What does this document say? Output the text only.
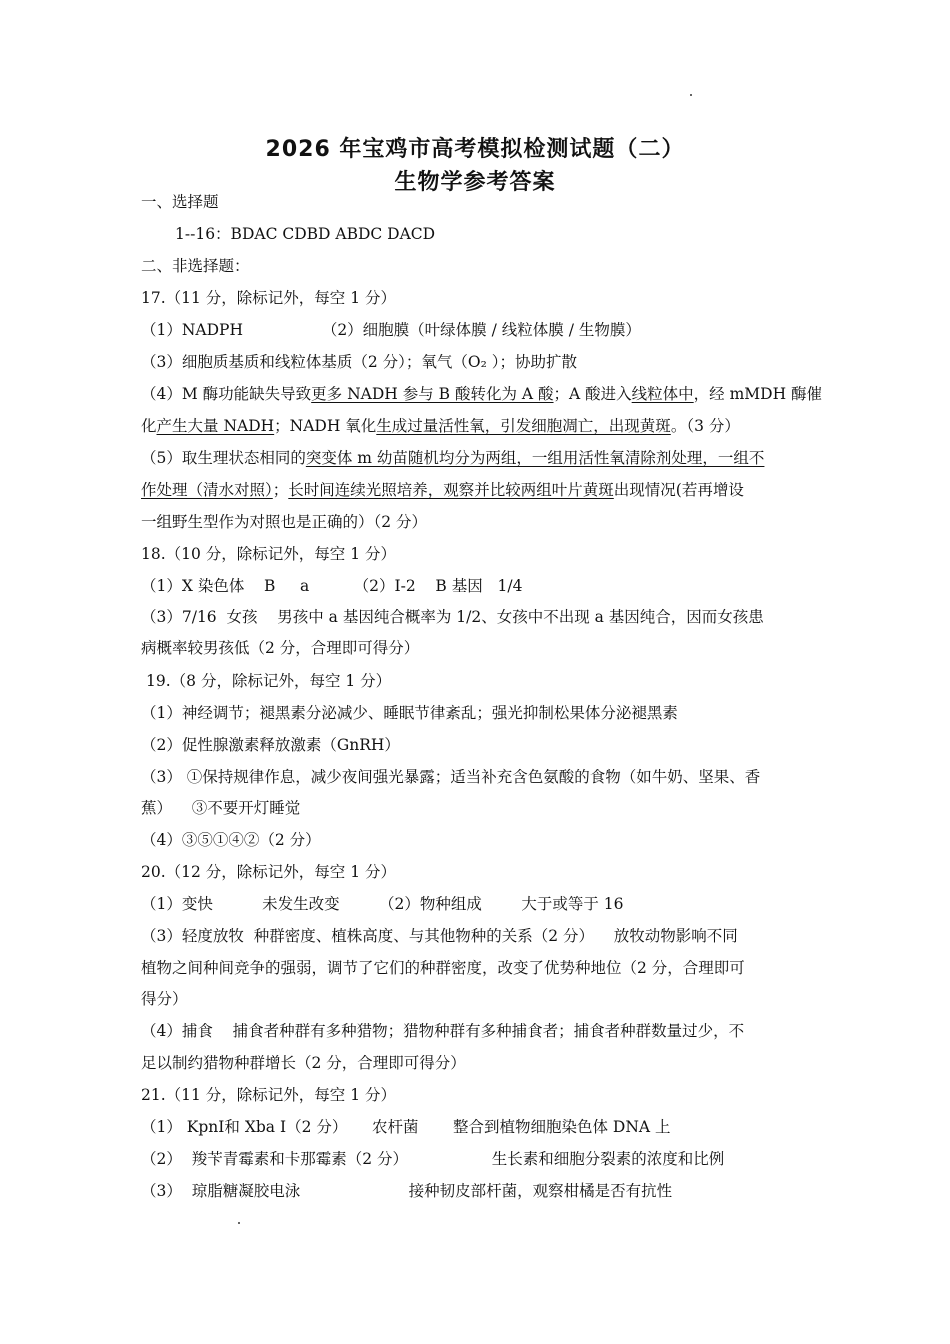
2026 年宝鸡市高考模拟检测试题（二）
生物学参考答案
一、选择题
1--16：BDAC CDBD ABDC DACD
二、非选择题：
17.（11 分，除标记外，每空 1 分）
（1）NADPH                （2）细胞膜（叶绿体膜 / 线粒体膜 / 生物膜）
（3）细胞质基质和线粒体基质（2 分）；氧气（O₂ ）；协助扩散
（4）M 酶功能缺失导致更多 NADH 参与 B 酸转化为 A 酸；A 酸进入线粒体中，经 mMDH 酶催
化产生大量 NADH；NADH 氧化生成过量活性氧，引发细胞凋亡，出现黄斑。（3 分）
（5）取生理状态相同的突变体 m 幼苗随机均分为两组，一组用活性氧清除剂处理，一组不
作处理（清水对照）；长时间连续光照培养，观察并比较两组叶片黄斑出现情况(若再增设
一组野生型作为对照也是正确的）（2 分）
18.（10 分，除标记外，每空 1 分）
（1）X 染色体    B     a         （2）Ⅰ-2    B 基因   1/4
（3）7/16  女孩    男孩中 a 基因纯合概率为 1/2、女孩中不出现 a 基因纯合，因而女孩患
病概率较男孩低（2 分，合理即可得分）
19.（8 分，除标记外，每空 1 分）
（1）神经调节；褪黑素分泌减少、睡眠节律紊乱；强光抑制松果体分泌褪黑素
（2）促性腺激素释放激素（GnRH）
（3） ①保持规律作息，减少夜间强光暴露；适当补充含色氨酸的食物（如牛奶、坚果、香
蕉）    ③不要开灯睡觉
（4）③⑤①④②（2 分）
20.（12 分，除标记外，每空 1 分）
（1）变快          未发生改变        （2）物种组成        大于或等于 16
（3）轻度放牧  种群密度、植株高度、与其他物种的关系（2 分）    放牧动物影响不同
植物之间种间竞争的强弱，调节了它们的种群密度，改变了优势种地位（2 分，合理即可
得分）
（4）捕食    捕食者种群有多种猎物；猎物种群有多种捕食者；捕食者种群数量过少，不
足以制约猎物种群增长（2 分，合理即可得分）
21.（11 分，除标记外，每空 1 分）
（1） KpnⅠ和 Xba Ⅰ（2 分）     农杆菌       整合到植物细胞染色体 DNA 上
（2）  羧苄青霉素和卡那霉素（2 分）                 生长素和细胞分裂素的浓度和比例
（3）  琼脂糖凝胶电泳                      接种韧皮部杆菌，观察柑橘是否有抗性
